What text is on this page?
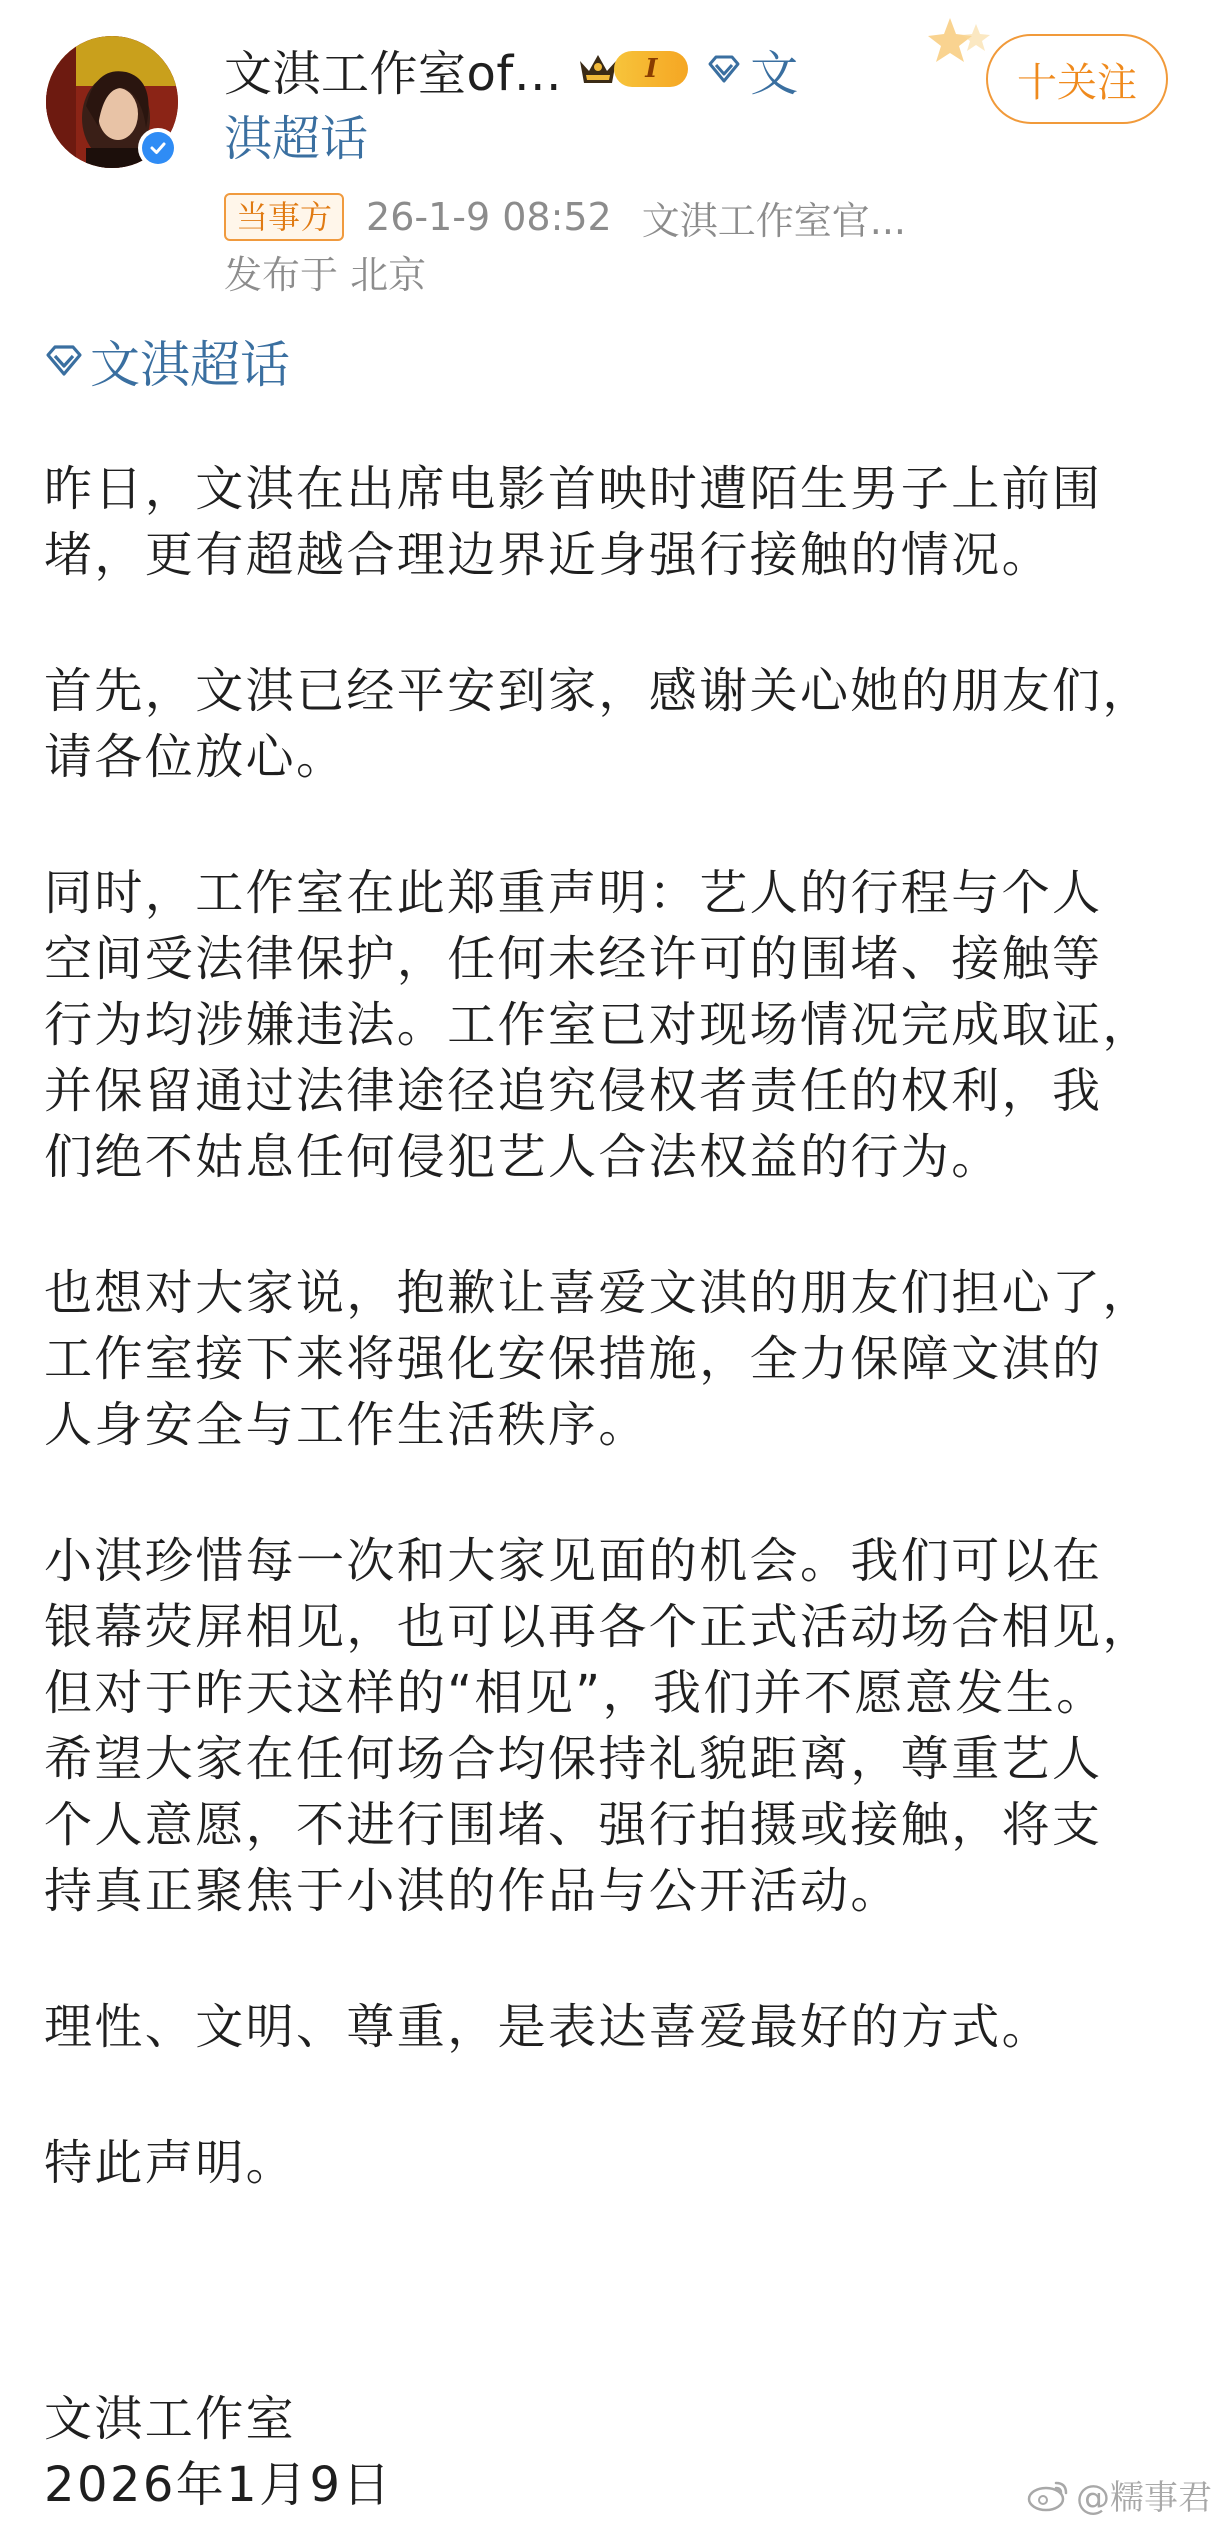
文淇工作室of…	I	文
淇超话
十关注
当事方 26-1-9 08:52 文淇工作室官...
发布于 北京
文淇超话

昨日，文淇在出席电影首映时遭陌生男子上前围
堵，更有超越合理边界近身强行接触的情况。

首先，文淇已经平安到家，感谢关心她的朋友们，
请各位放心。

同时，工作室在此郑重声明：艺人的行程与个人
空间受法律保护，任何未经许可的围堵、接触等
行为均涉嫌违法。工作室已对现场情况完成取证，
并保留通过法律途径追究侵权者责任的权利，我
们绝不姑息任何侵犯艺人合法权益的行为。

也想对大家说，抱歉让喜爱文淇的朋友们担心了，
工作室接下来将强化安保措施，全力保障文淇的
人身安全与工作生活秩序。

小淇珍惜每一次和大家见面的机会。我们可以在
银幕荧屏相见，也可以再各个正式活动场合相见，
但对于昨天这样的“相见”，我们并不愿意发生。
希望大家在任何场合均保持礼貌距离，尊重艺人
个人意愿，不进行围堵、强行拍摄或接触，将支
持真正聚焦于小淇的作品与公开活动。

理性、文明、尊重，是表达喜爱最好的方式。

特此声明。

文淇工作室
2026年1月9日	@糯事君
